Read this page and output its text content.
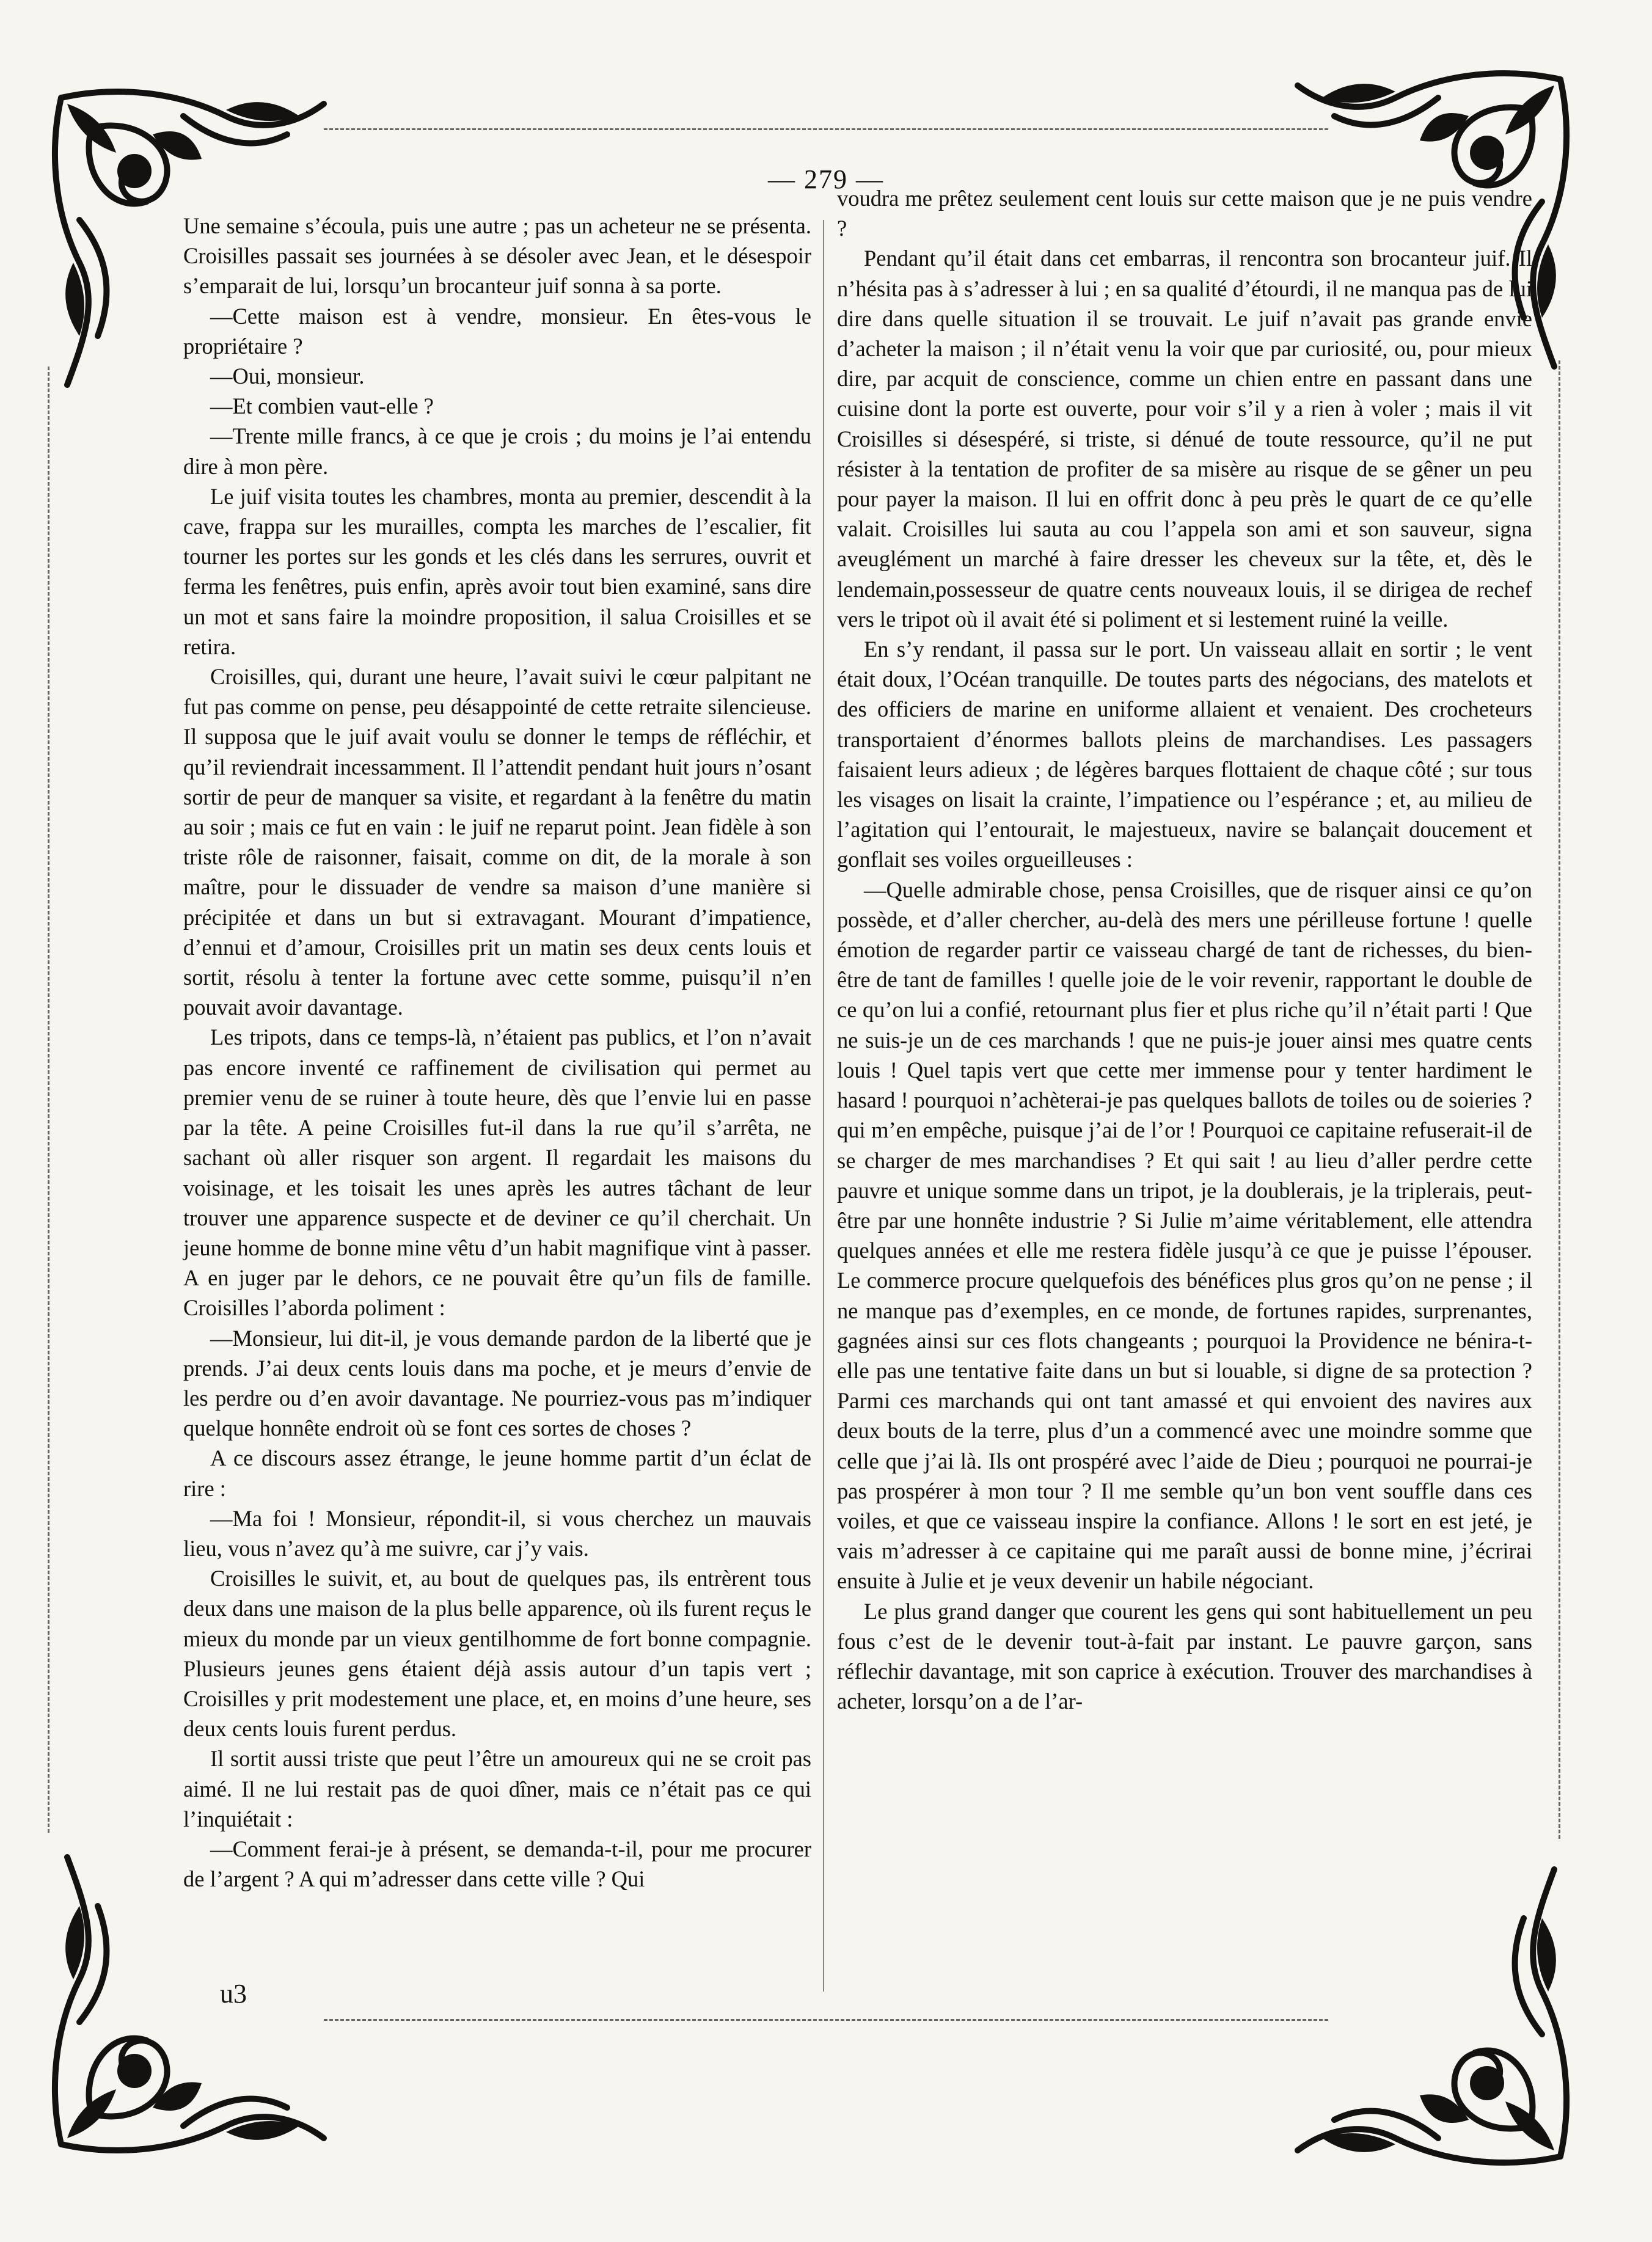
— 279 —

Une semaine s’écoula, puis une autre ; pas un acheteur ne se présenta. Croisilles passait ses journées à se désoler avec Jean, et le désespoir s’emparait de lui, lorsqu’un brocanteur juif sonna à sa porte.

—Cette maison est à vendre, monsieur. En êtes-vous le propriétaire ?

—Oui, monsieur.

—Et combien vaut-elle ?

—Trente mille francs, à ce que je crois ; du moins je l’ai entendu dire à mon père.

Le juif visita toutes les chambres, monta au premier, descendit à la cave, frappa sur les murailles, compta les marches de l’escalier, fit tourner les portes sur les gonds et les clés dans les serrures, ouvrit et ferma les fenêtres, puis enfin, après avoir tout bien examiné, sans dire un mot et sans faire la moindre proposition, il salua Croisilles et se retira.

Croisilles, qui, durant une heure, l’avait suivi le cœur palpitant ne fut pas comme on pense, peu désappointé de cette retraite silencieuse. Il supposa que le juif avait voulu se donner le temps de réfléchir, et qu’il reviendrait incessamment. Il l’attendit pendant huit jours n’osant sortir de peur de manquer sa visite, et regardant à la fenêtre du matin au soir ; mais ce fut en vain : le juif ne reparut point. Jean fidèle à son triste rôle de raisonner, faisait, comme on dit, de la morale à son maître, pour le dissuader de vendre sa maison d’une manière si précipitée et dans un but si extravagant. Mourant d’impatience, d’ennui et d’amour, Croisilles prit un matin ses deux cents louis et sortit, résolu à tenter la fortune avec cette somme, puisqu’il n’en pouvait avoir davantage.

Les tripots, dans ce temps-là, n’étaient pas publics, et l’on n’avait pas encore inventé ce raffinement de civilisation qui permet au premier venu de se ruiner à toute heure, dès que l’envie lui en passe par la tête. A peine Croisilles fut-il dans la rue qu’il s’arrêta, ne sachant où aller risquer son argent. Il regardait les maisons du voisinage, et les toisait les unes après les autres tâchant de leur trouver une apparence suspecte et de deviner ce qu’il cherchait. Un jeune homme de bonne mine vêtu d’un habit magnifique vint à passer. A en juger par le dehors, ce ne pouvait être qu’un fils de famille. Croisilles l’aborda poliment :

—Monsieur, lui dit-il, je vous demande pardon de la liberté que je prends. J’ai deux cents louis dans ma poche, et je meurs d’envie de les perdre ou d’en avoir davantage. Ne pourriez-vous pas m’indiquer quelque honnête endroit où se font ces sortes de choses ?

A ce discours assez étrange, le jeune homme partit d’un éclat de rire :

—Ma foi ! Monsieur, répondit-il, si vous cherchez un mauvais lieu, vous n’avez qu’à me suivre, car j’y vais.

Croisilles le suivit, et, au bout de quelques pas, ils entrèrent tous deux dans une maison de la plus belle apparence, où ils furent reçus le mieux du monde par un vieux gentilhomme de fort bonne compagnie. Plusieurs jeunes gens étaient déjà assis autour d’un tapis vert ; Croisilles y prit modestement une place, et, en moins d’une heure, ses deux cents louis furent perdus.

Il sortit aussi triste que peut l’être un amoureux qui ne se croit pas aimé. Il ne lui restait pas de quoi dîner, mais ce n’était pas ce qui l’inquiétait :

—Comment ferai-je à présent, se demanda-t-il, pour me procurer de l’argent ? A qui m’adresser dans cette ville ? Qui

voudra me prêtez seulement cent louis sur cette maison que je ne puis vendre ?

Pendant qu’il était dans cet embarras, il rencontra son brocanteur juif. Il n’hésita pas à s’adresser à lui ; en sa qualité d’étourdi, il ne manqua pas de lui dire dans quelle situation il se trouvait. Le juif n’avait pas grande envie d’acheter la maison ; il n’était venu la voir que par curiosité, ou, pour mieux dire, par acquit de conscience, comme un chien entre en passant dans une cuisine dont la porte est ouverte, pour voir s’il y a rien à voler ; mais il vit Croisilles si désespéré, si triste, si dénué de toute ressource, qu’il ne put résister à la tentation de profiter de sa misère au risque de se gêner un peu pour payer la maison. Il lui en offrit donc à peu près le quart de ce qu’elle valait. Croisilles lui sauta au cou l’appela son ami et son sauveur, signa aveuglément un marché à faire dresser les cheveux sur la tête, et, dès le lendemain,possesseur de quatre cents nouveaux louis, il se dirigea de rechef vers le tripot où il avait été si poliment et si lestement ruiné la veille.

En s’y rendant, il passa sur le port. Un vaisseau allait en sortir ; le vent était doux, l’Océan tranquille. De toutes parts des négocians, des matelots et des officiers de marine en uniforme allaient et venaient. Des crocheteurs transportaient d’énormes ballots pleins de marchandises. Les passagers faisaient leurs adieux ; de légères barques flottaient de chaque côté ; sur tous les visages on lisait la crainte, l’impatience ou l’espérance ; et, au milieu de l’agitation qui l’entourait, le majestueux, navire se balançait doucement et gonflait ses voiles orgueilleuses :

—Quelle admirable chose, pensa Croisilles, que de risquer ainsi ce qu’on possède, et d’aller chercher, au-delà des mers une périlleuse fortune ! quelle émotion de regarder partir ce vaisseau chargé de tant de richesses, du bien-être de tant de familles ! quelle joie de le voir revenir, rapportant le double de ce qu’on lui a confié, retournant plus fier et plus riche qu’il n’était parti ! Que ne suis-je un de ces marchands ! que ne puis-je jouer ainsi mes quatre cents louis ! Quel tapis vert que cette mer immense pour y tenter hardiment le hasard ! pourquoi n’achèterai-je pas quelques ballots de toiles ou de soieries ? qui m’en empêche, puisque j’ai de l’or ! Pourquoi ce capitaine refuserait-il de se charger de mes marchandises ? Et qui sait ! au lieu d’aller perdre cette pauvre et unique somme dans un tripot, je la doublerais, je la triplerais, peut-être par une honnête industrie ? Si Julie m’aime véritablement, elle attendra quelques années et elle me restera fidèle jusqu’à ce que je puisse l’épouser. Le commerce procure quelquefois des bénéfices plus gros qu’on ne pense ; il ne manque pas d’exemples, en ce monde, de fortunes rapides, surprenantes, gagnées ainsi sur ces flots changeants ; pourquoi la Providence ne bénira-t-elle pas une tentative faite dans un but si louable, si digne de sa protection ? Parmi ces marchands qui ont tant amassé et qui envoient des navires aux deux bouts de la terre, plus d’un a commencé avec une moindre somme que celle que j’ai là. Ils ont prospéré avec l’aide de Dieu ; pourquoi ne pourrai-je pas prospérer à mon tour ? Il me semble qu’un bon vent souffle dans ces voiles, et que ce vaisseau inspire la confiance. Allons ! le sort en est jeté, je vais m’adresser à ce capitaine qui me paraît aussi de bonne mine, j’écrirai ensuite à Julie et je veux devenir un habile négociant.

Le plus grand danger que courent les gens qui sont habituellement un peu fous c’est de le devenir tout-à-fait par instant. Le pauvre garçon, sans réflechir davantage, mit son caprice à exécution. Trouver des marchandises à acheter, lorsqu’on a de l’ar-

u3
